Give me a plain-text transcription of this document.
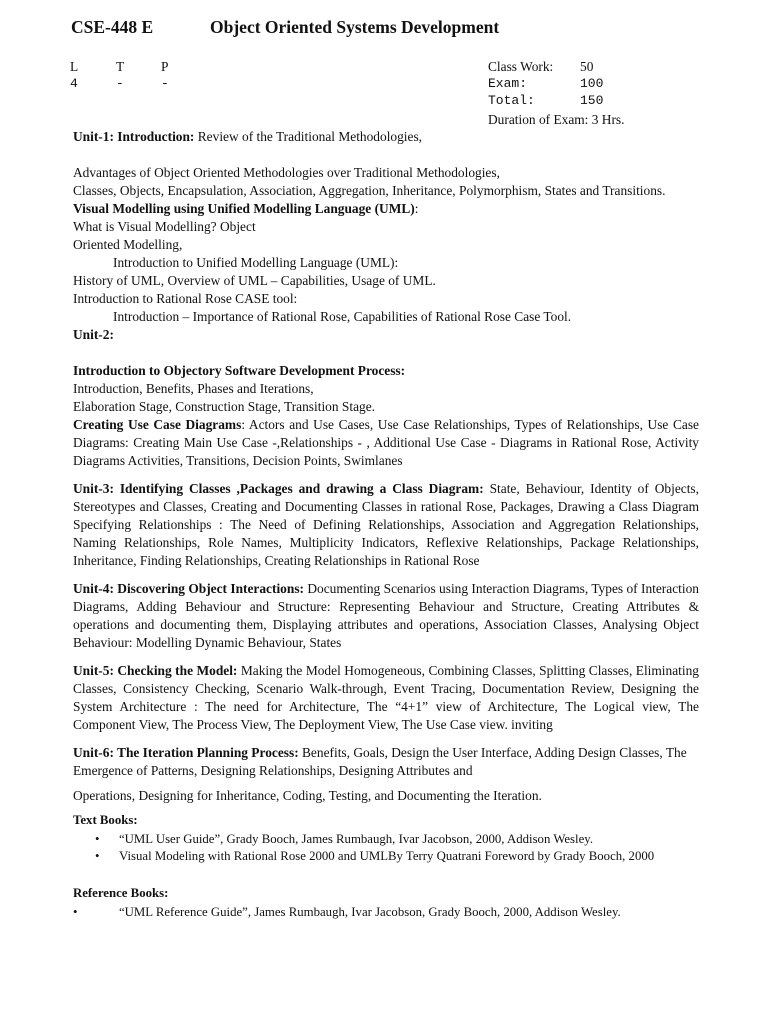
CSE-448 E	Object Oriented Systems Development
L	T	P
4	-	-
Class Work: 50
Exam:	100
Total:	150
Duration of Exam: 3 Hrs.

Unit-1: Introduction: Review of the Traditional Methodologies,

Advantages of Object Oriented Methodologies over Traditional Methodologies,

Classes, Objects, Encapsulation, Association, Aggregation, Inheritance, Polymorphism, States and Transitions.

Visual Modelling using Unified Modelling Language (UML):

What is Visual Modelling? Object

Oriented Modelling,

Introduction to Unified Modelling Language (UML):

History of UML, Overview of UML – Capabilities, Usage of UML.

Introduction to Rational Rose CASE tool:

Introduction – Importance of Rational Rose, Capabilities of Rational Rose Case Tool.

Unit-2:

Introduction to Objectory Software Development Process:

Introduction, Benefits, Phases and Iterations,

Elaboration Stage, Construction Stage, Transition Stage.

Creating Use Case Diagrams: Actors and Use Cases, Use Case Relationships, Types of Relationships, Use Case Diagrams: Creating Main Use Case -,Relationships - , Additional Use Case - Diagrams in Rational Rose, Activity Diagrams Activities, Transitions, Decision Points, Swimlanes

Unit-3: Identifying Classes ,Packages and drawing a Class Diagram: State, Behaviour, Identity of Objects, Stereotypes and Classes, Creating and Documenting Classes in rational Rose, Packages, Drawing a Class Diagram Specifying Relationships : The Need of Defining Relationships, Association and Aggregation Relationships, Naming Relationships, Role Names, Multiplicity Indicators, Reflexive Relationships, Package Relationships, Inheritance, Finding Relationships, Creating Relationships in Rational Rose

Unit-4: Discovering Object Interactions: Documenting Scenarios using Interaction Diagrams, Types of Interaction Diagrams, Adding Behaviour and Structure: Representing Behaviour and Structure, Creating Attributes & operations and documenting them, Displaying attributes and operations, Association Classes, Analysing Object Behaviour: Modelling Dynamic Behaviour, States

Unit-5: Checking the Model: Making the Model Homogeneous, Combining Classes, Splitting Classes, Eliminating Classes, Consistency Checking, Scenario Walk-through, Event Tracing, Documentation Review, Designing the System Architecture : The need for Architecture, The “4+1” view of Architecture, The Logical view, The Component View, The Process View, The Deployment View, The Use Case view. inviting

Unit-6: The Iteration Planning Process: Benefits, Goals, Design the User Interface, Adding Design Classes, The Emergence of Patterns, Designing Relationships, Designing Attributes and

Operations, Designing for Inheritance, Coding, Testing, and Documenting the Iteration.

Text Books:

• “UML User Guide”, Grady Booch, James Rumbaugh, Ivar Jacobson, 2000, Addison Wesley.
• Visual Modeling with Rational Rose 2000 and UMLBy Terry Quatrani Foreword by Grady Booch, 2000

Reference Books:

•	“UML Reference Guide”, James Rumbaugh, Ivar Jacobson, Grady Booch, 2000, Addison Wesley.
